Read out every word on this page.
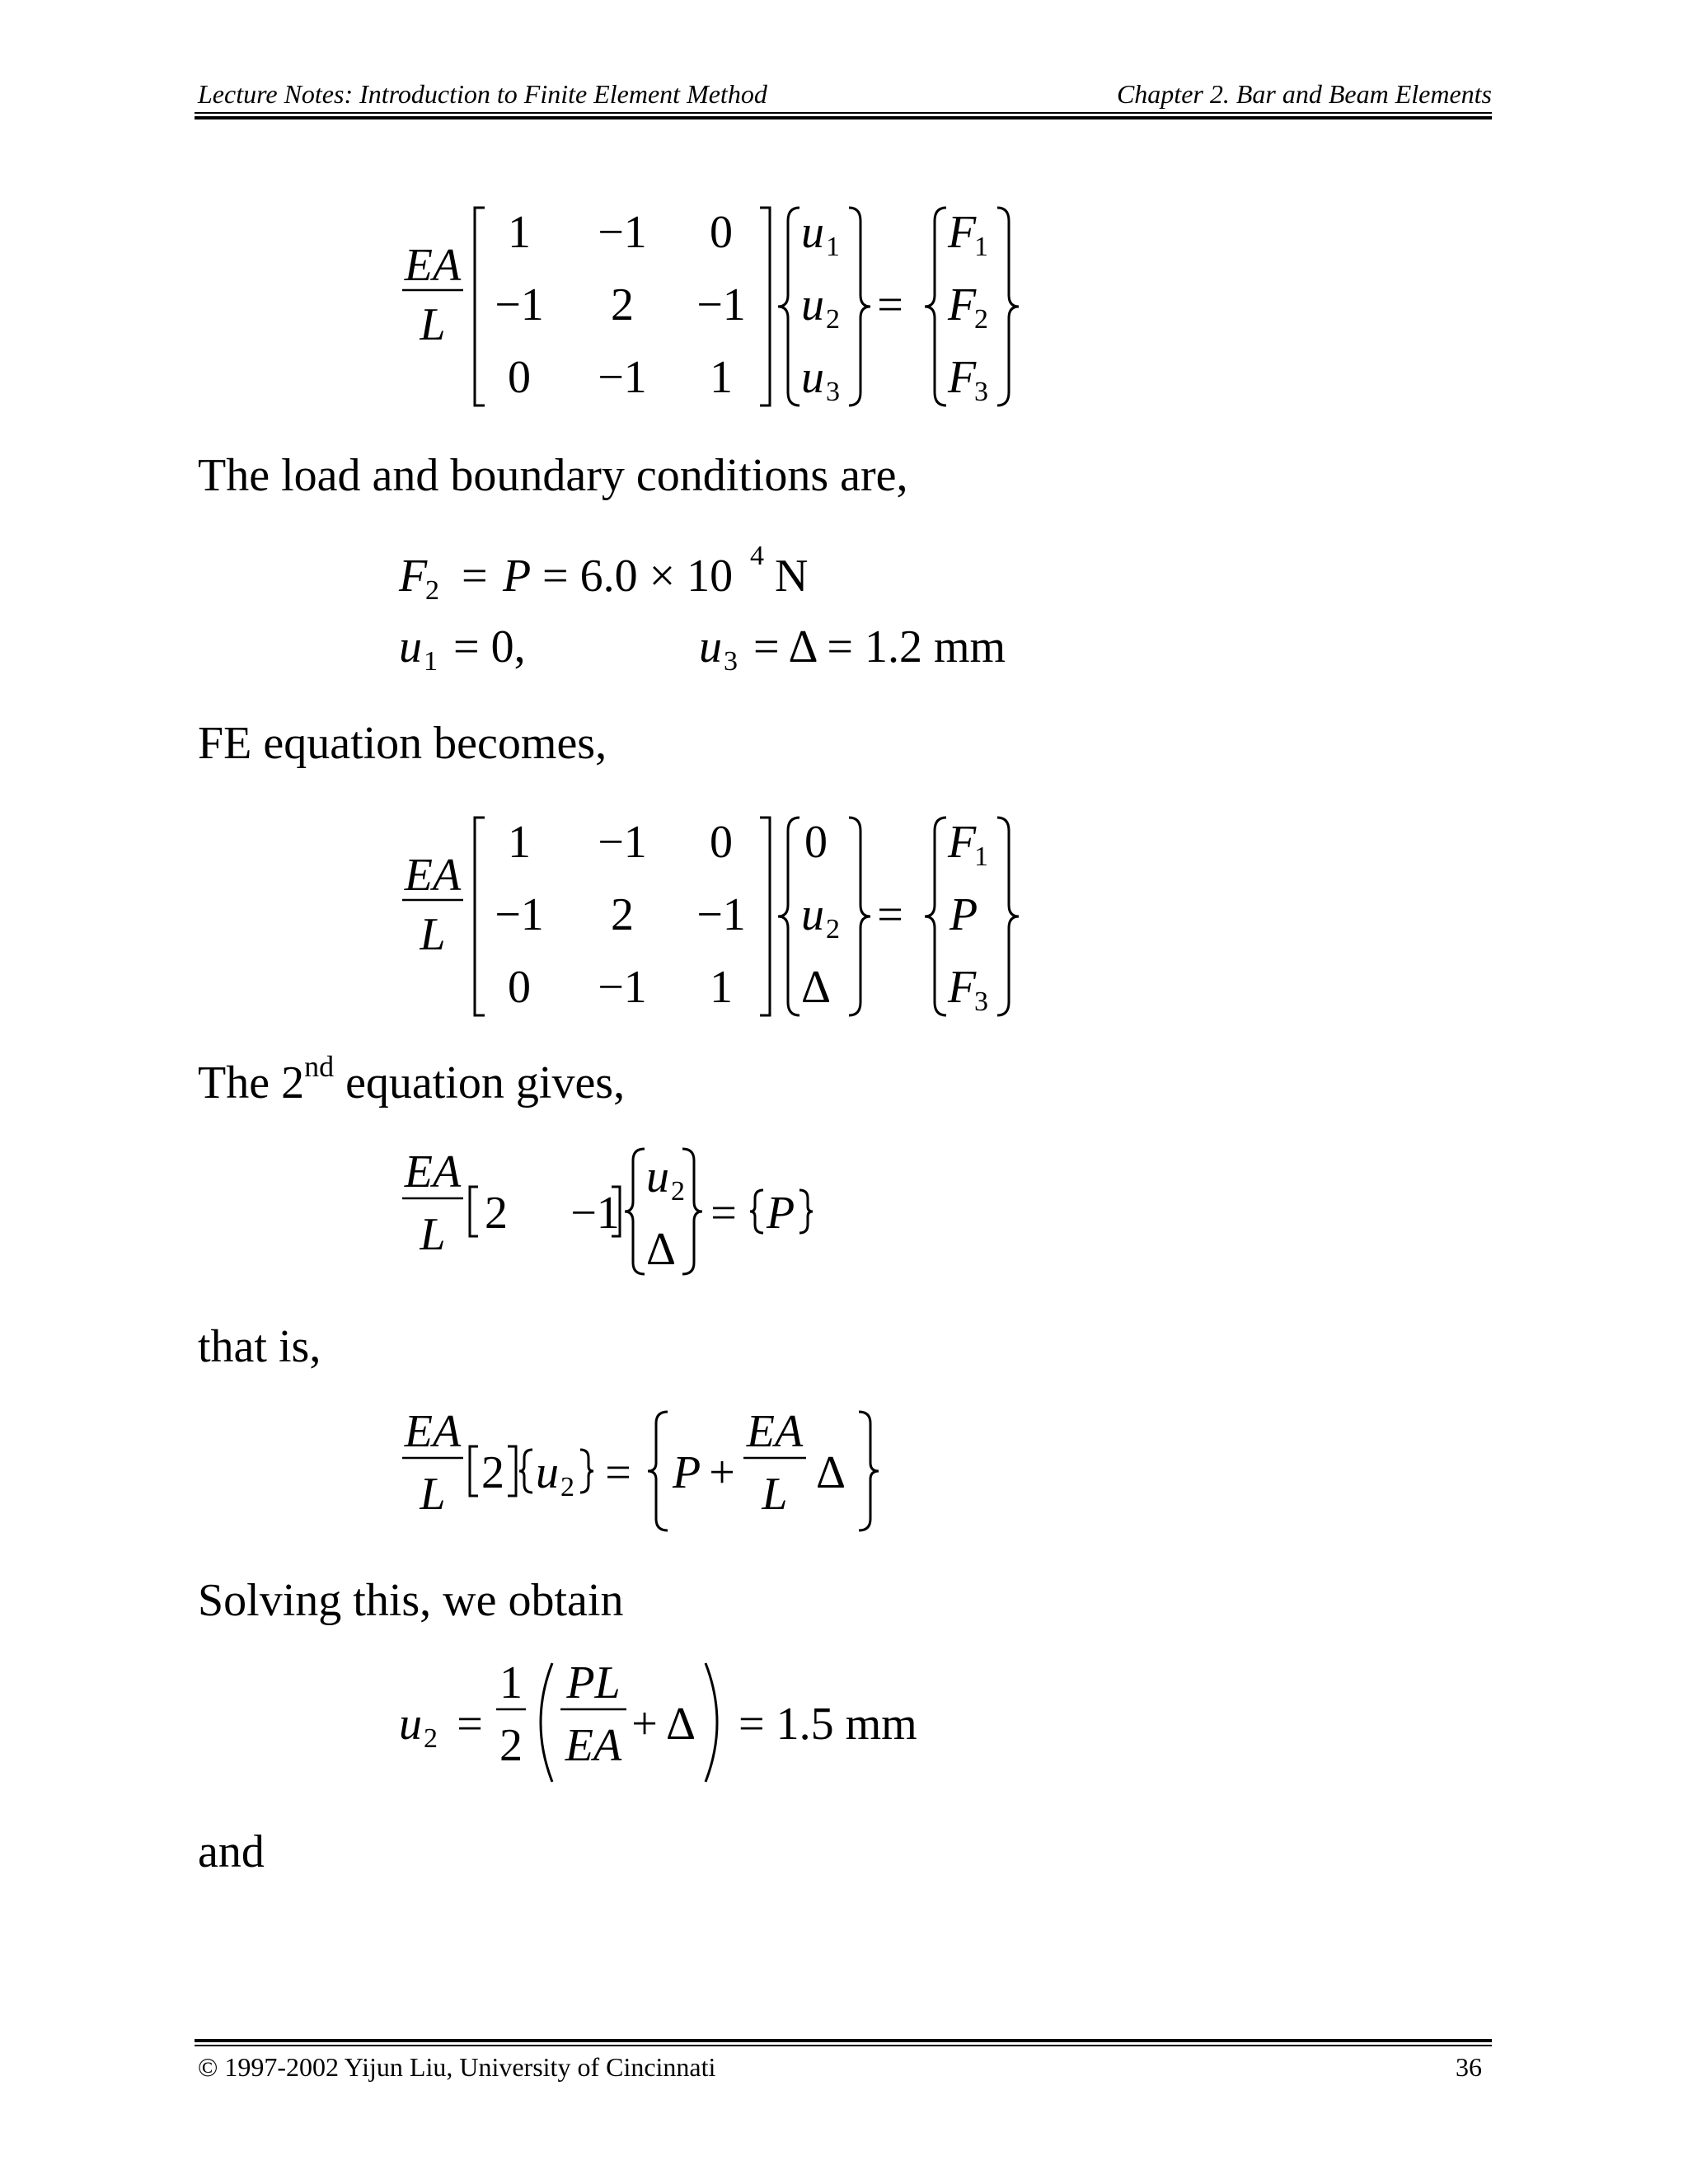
Lecture Notes: Introduction to Finite Element Method	Chapter 2. Bar and Beam Elements
EA
L
1 −1 0
−1 2 −1
0 −1 1
u 1
u 2
u 3
=
F
1
F
2
F
3
The load and boundary conditions are,
F
2 = P = 6.0 × 10 4 N
u 1 = 0,	u 3 = Δ = 1.2 mm
FE equation becomes,
EA
L
1 −1 0
−1 2 −1
0 −1 1
0
u 2
Δ
=
F
1
P
F
3
The 2nd equation gives,
EA
L 2 −1
u 2
Δ
= P
that is,
EA
L 2 u 2 = P +
EA
L Δ
Solving this, we obtain
u 2 =
1
2
PL
EA + Δ = 1.5 mm
and
© 1997-2002 Yijun Liu, University of Cincinnati	36
